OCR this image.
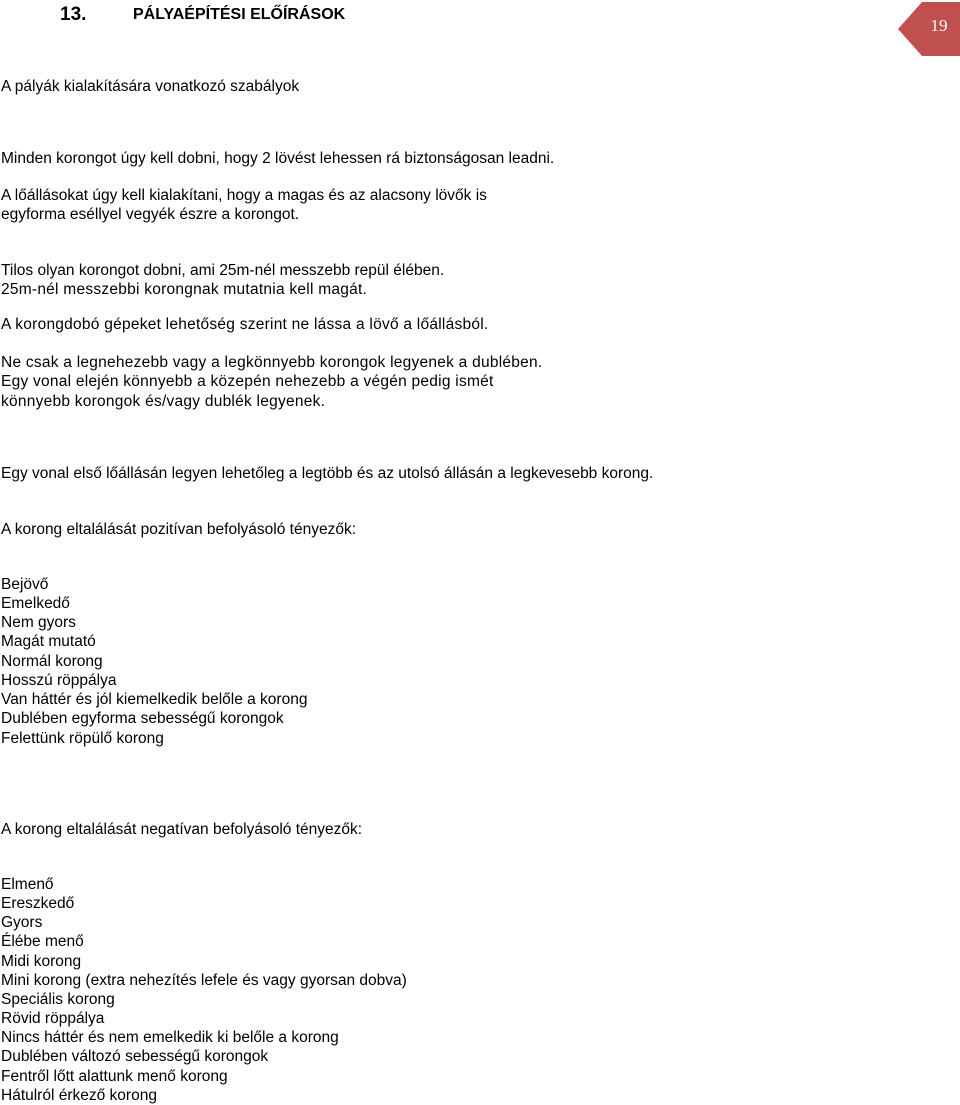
13.	PÁLYAÉPÍTÉSI ELŐÍRÁSOK
19

A pályák kialakítására vonatkozó szabályok

Minden korongot úgy kell dobni, hogy 2 lövést lehessen rá biztonságosan leadni.

A lőállásokat úgy kell kialakítani, hogy a magas és az alacsony lövők is

egyforma eséllyel vegyék észre a korongot.

Tilos olyan korongot dobni, ami 25m-nél messzebb repül élében.

25m-nél messzebbi korongnak mutatnia kell magát.

A korongdobó gépeket lehetőség szerint ne lássa a lövő a lőállásból.

Ne csak a legnehezebb vagy a legkönnyebb korongok legyenek a dublében.

Egy vonal elején könnyebb a közepén nehezebb a végén pedig ismét

könnyebb korongok és/vagy dublék legyenek.

Egy vonal első lőállásán legyen lehetőleg a legtöbb és az utolsó állásán a legkevesebb korong.

A korong eltalálását pozitívan befolyásoló tényezők:

Bejövő

Emelkedő

Nem gyors

Magát mutató

Normál korong

Hosszú röppálya

Van háttér és jól kiemelkedik belőle a korong

Dublében egyforma sebességű korongok

Felettünk röpülő korong

A korong eltalálását negatívan befolyásoló tényezők:

Elmenő

Ereszkedő

Gyors

Élébe menő

Midi korong

Mini korong (extra nehezítés lefele és vagy gyorsan dobva)

Speciális korong

Rövid röppálya

Nincs háttér és nem emelkedik ki belőle a korong

Dublében változó sebességű korongok

Fentről lőtt alattunk menő korong

Hátulról érkező korong
